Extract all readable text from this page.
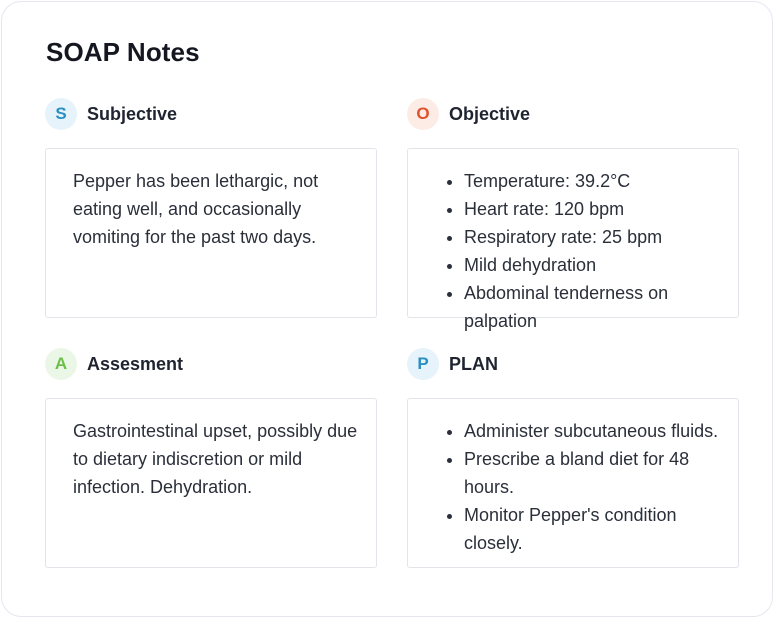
SOAP Notes
S	Subjective

Pepper has been lethargic, not eating well, and occasionally vomiting for the past two days.

O	Objective
• Temperature: 39.2°C
• Heart rate: 120 bpm
• Respiratory rate: 25 bpm
• Mild dehydration
• Abdominal tenderness on palpation
A	Assesment

Gastrointestinal upset, possibly due to dietary indiscretion or mild infection. Dehydration.

P	PLAN
• Administer subcutaneous fluids.
• Prescribe a bland diet for 48 hours.
• Monitor Pepper's condition closely.
